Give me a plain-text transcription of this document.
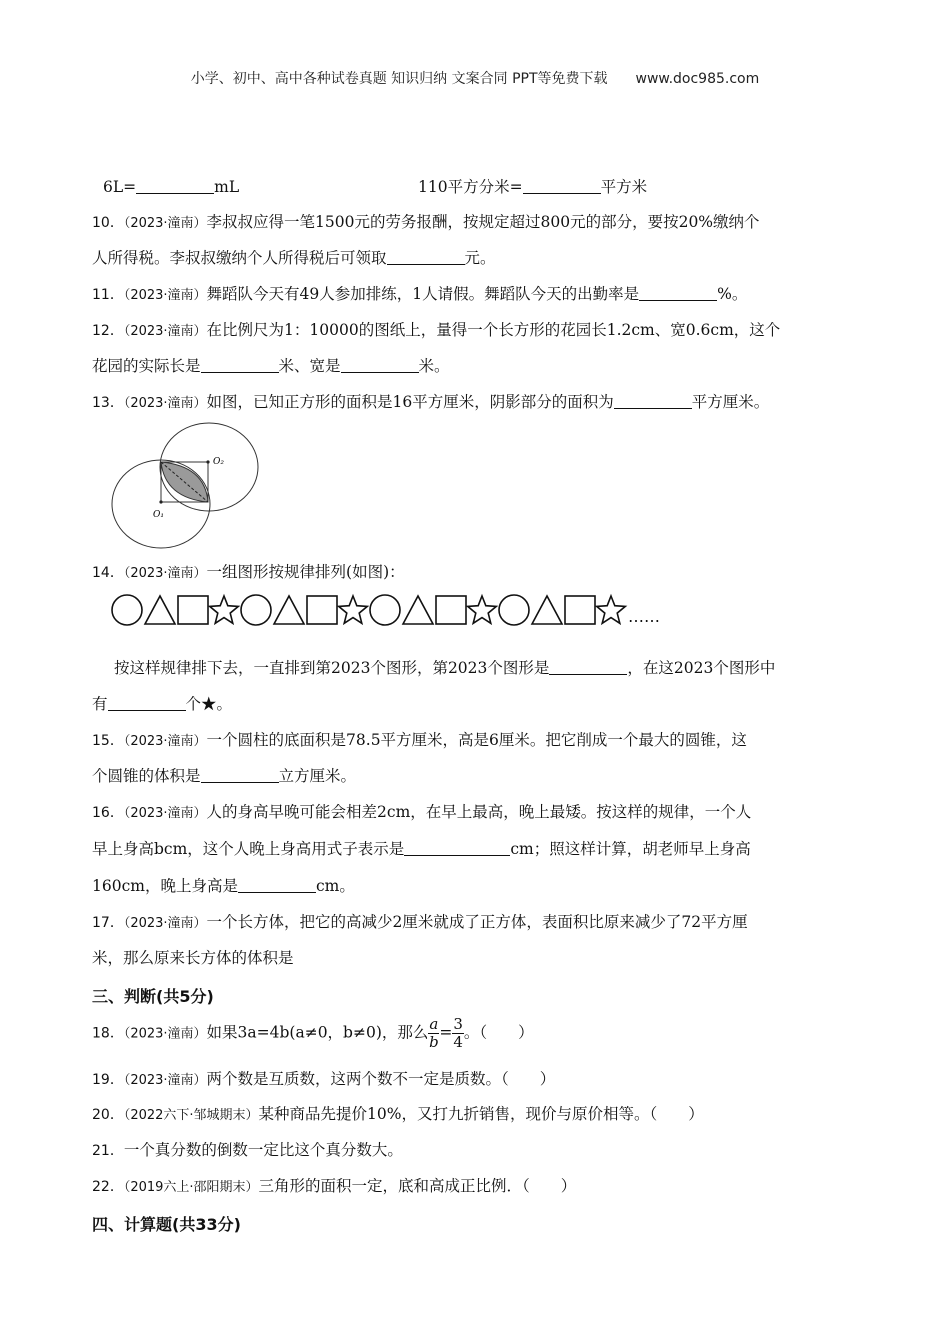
小学、初中、高中各种试卷真题 知识归纳 文案合同 PPT等免费下载 www.doc985.com
6L=	mL	110平方分米=	平方米
10．（2023·潼南）李叔叔应得一笔1500元的劳务报酬，按规定超过800元的部分，要按20%缴纳个
人所得税。李叔叔缴纳个人所得税后可领取	元。
11．（2023·潼南）舞蹈队今天有49人参加排练，1人请假。舞蹈队今天的出勤率是	%。
12．（2023·潼南）在比例尺为1：10000的图纸上，量得一个长方形的花园长1.2cm、宽0.6cm，这个
花园的实际长是	米、宽是	米。
13．（2023·潼南）如图，已知正方形的面积是16平方厘米，阴影部分的面积为	平方厘米。
O₂
O₁
14．（2023·潼南）一组图形按规律排列(如图)：
……
按这样规律排下去，一直排到第2023个图形，第2023个图形是	，在这2023个图形中
有	个★。
15．（2023·潼南）一个圆柱的底面积是78.5平方厘米，高是6厘米。把它削成一个最大的圆锥，这
个圆锥的体积是	立方厘米。
16．（2023·潼南）人的身高早晚可能会相差2cm，在早上最高，晚上最矮。按这样的规律，一个人
早上身高bcm，这个人晚上身高用式子表示是	cm；照这样计算，胡老师早上身高
160cm，晚上身高是	cm。
17．（2023·潼南）一个长方体，把它的高减少2厘米就成了正方体，表面积比原来减少了72平方厘
米，那么原来长方体的体积是
三、判断(共5分)
18．（2023·潼南）如果3a=4b(a≠0，b≠0)，那么 $\frac{a}{b} = \frac{3}{4}$ 。（　　）
19．（2023·潼南）两个数是互质数，这两个数不一定是质数。（　　）
20．（2022六下·邹城期末）某种商品先提价10%，又打九折销售，现价与原价相等。（　　）
21．一个真分数的倒数一定比这个真分数大。
22．（2019六上·邵阳期末）三角形的面积一定，底和高成正比例．（　　）
四、计算题(共33分)
